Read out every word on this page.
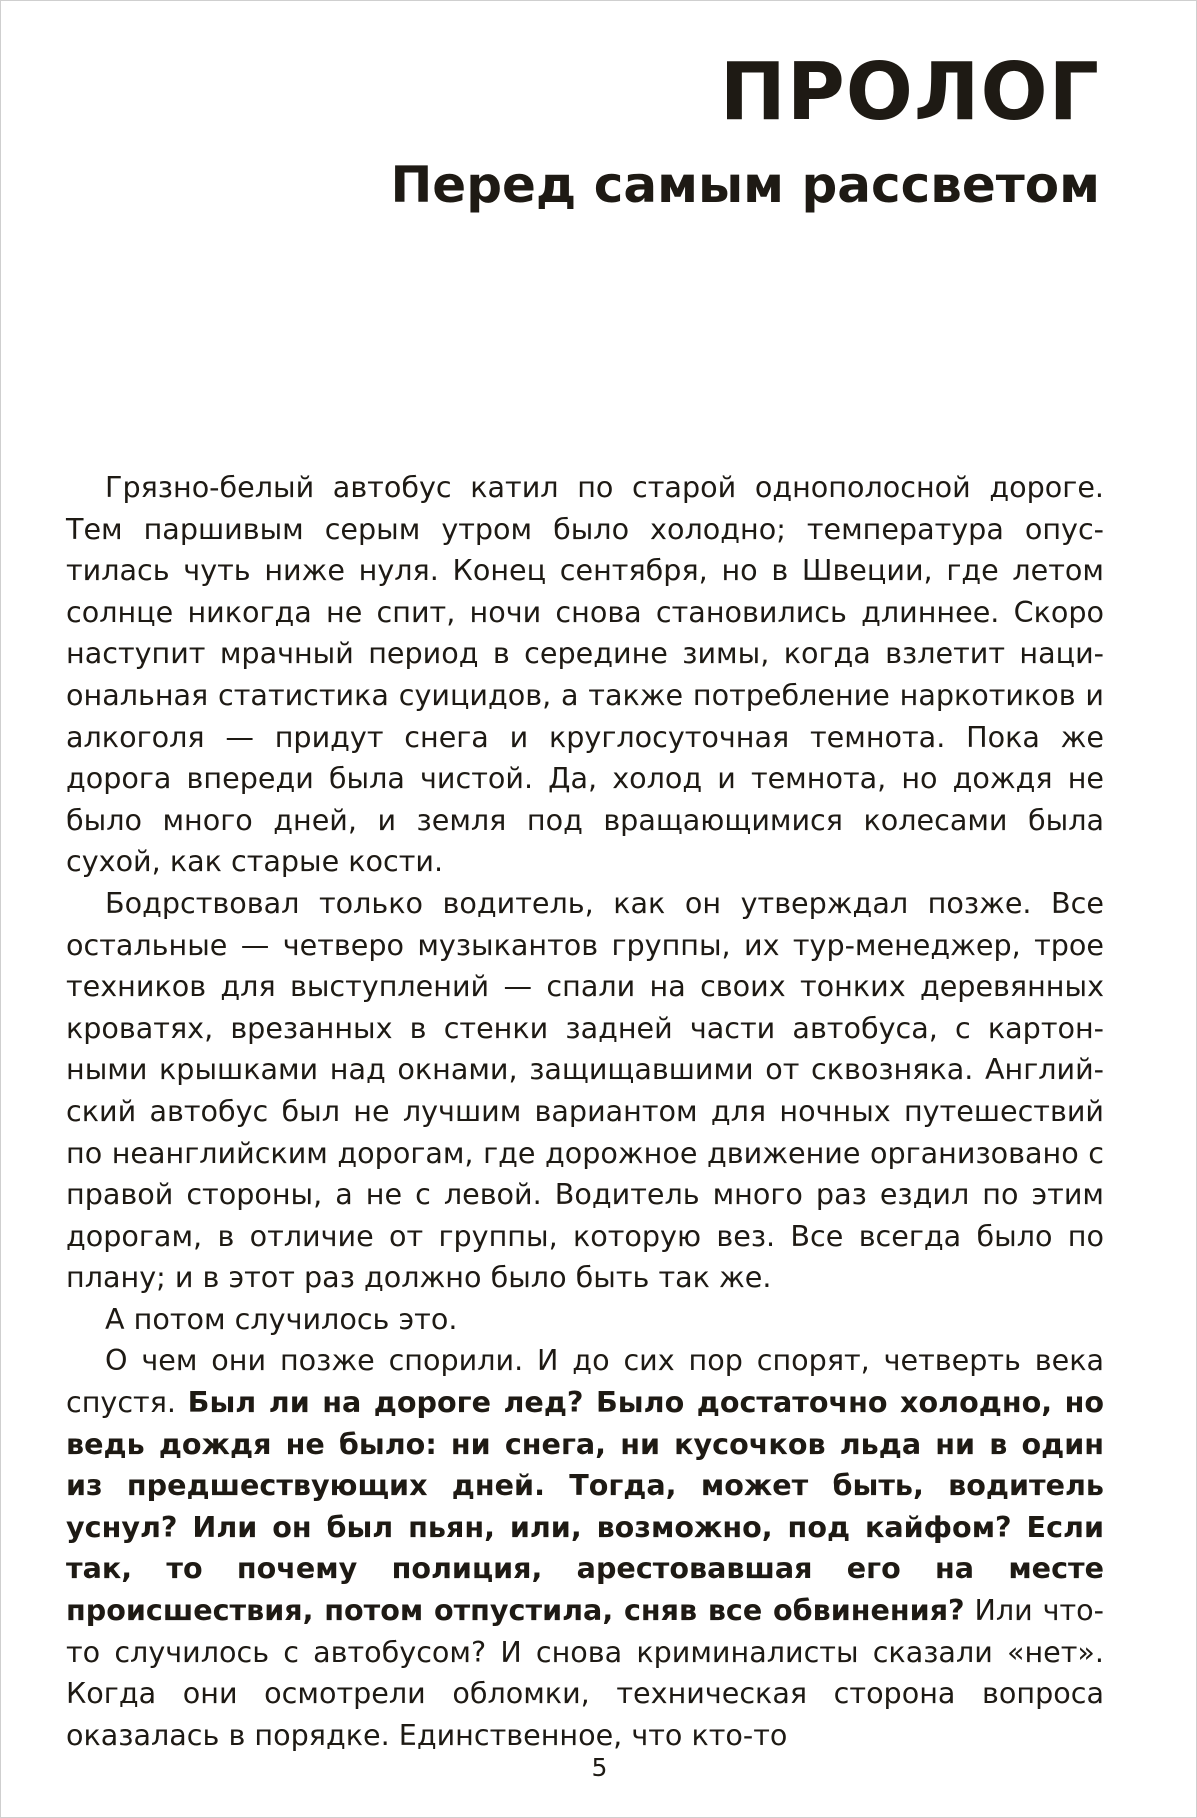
ПРОЛОГ
Перед самым рассветом

Грязно-белый автобус катил по старой однополосной дороге. Тем паршивым серым утром было холодно; температура опустилась чуть ниже нуля. Конец сентября, но в Швеции, где летом солнце никогда не спит, ночи снова становились длиннее. Скоро наступит мрачный период в середине зимы, когда взлетит национальная статистика суицидов, а также потребление наркотиков и алкоголя — придут снега и круглосуточная темнота. Пока же дорога впереди была чистой. Да, холод и темнота, но дождя не было много дней, и земля под вращающимися колесами была сухой, как старые кости.

Бодрствовал только водитель, как он утверждал позже. Все остальные — четверо музыкантов группы, их тур-менеджер, трое техников для выступлений — спали на своих тонких деревянных кроватях, врезанных в стенки задней части автобуса, с картонными крышками над окнами, защищавшими от сквозняка. Английский автобус был не лучшим вариантом для ночных путешествий по неанглийским дорогам, где дорожное движение организовано с правой стороны, а не с левой. Водитель много раз ездил по этим дорогам, в отличие от группы, которую вез. Все всегда было по плану; и в этот раз должно было быть так же.

А потом случилось это.

О чем они позже спорили. И до сих пор спорят, четверть века спустя. Был ли на дороге лед? Было достаточно холодно, но ведь дождя не было: ни снега, ни кусочков льда ни в один из предшествующих дней. Тогда, может быть, водитель уснул? Или он был пьян, или, возможно, под кайфом? Если так, то почему полиция, арестовавшая его на месте происшествия, потом отпустила, сняв все обвинения? Или что-то случилось с автобусом? И снова криминалисты сказали «нет». Когда они осмотрели обломки, техническая сторона вопроса оказалась в порядке. Единственное, что кто-то

5
